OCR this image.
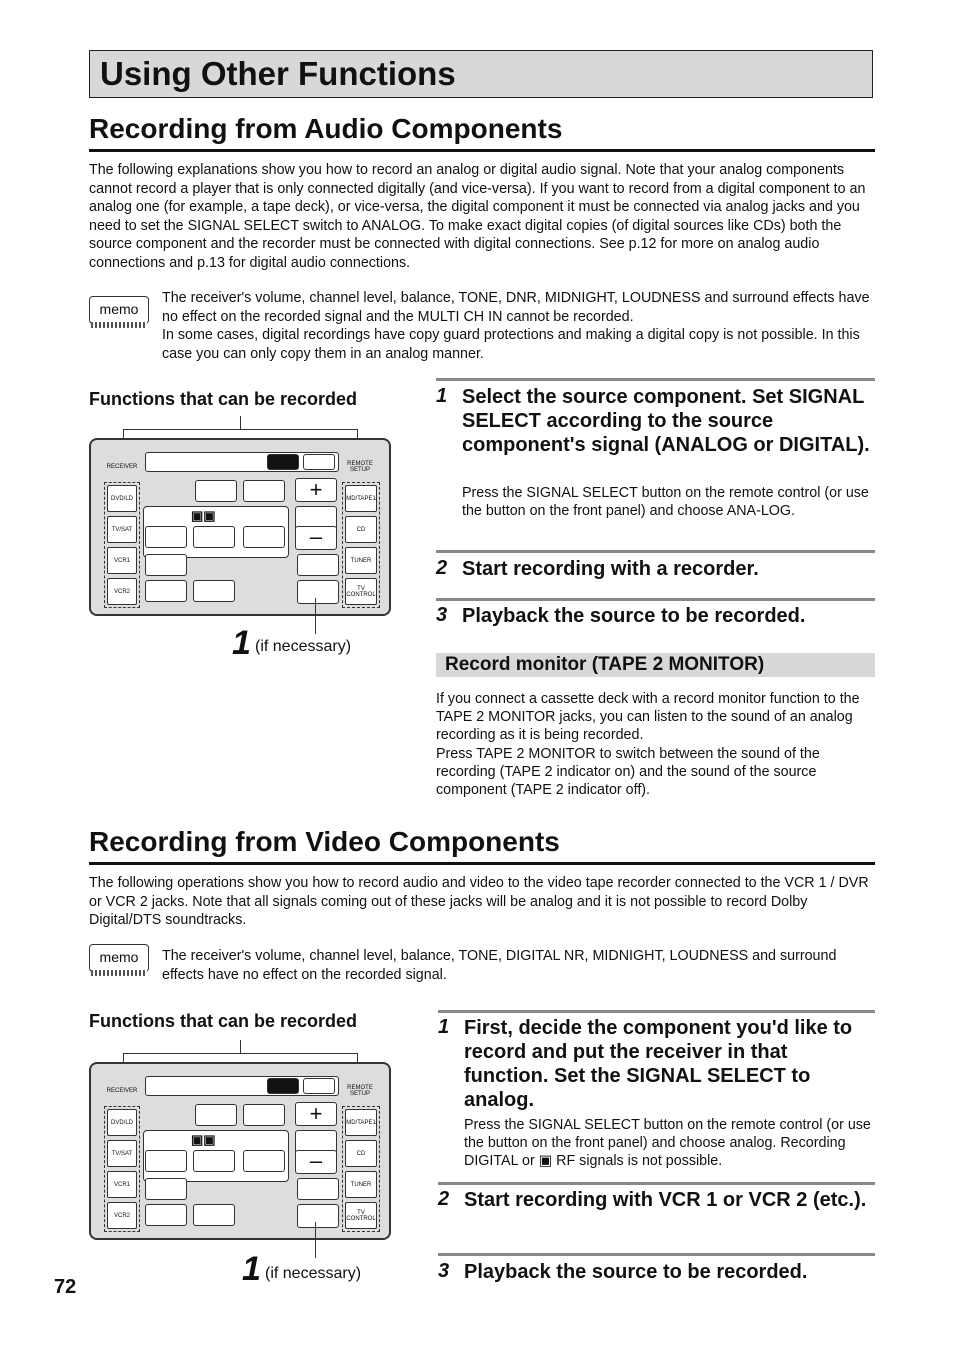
Using Other Functions
Recording from Audio Components
The following explanations show you how to record an analog or digital audio signal. Note that your analog components cannot record a player that is only connected digitally (and vice-versa). If you want to record from a digital component to an analog one (for example, a tape deck), or vice-versa, the digital component it must be connected via analog jacks and you need to set the SIGNAL SELECT switch to ANALOG. To make exact digital copies (of digital sources like CDs) both the source component and the recorder must be connected with digital connections. See p.12 for more on analog audio connections and p.13 for digital audio connections.
memo
The receiver's volume, channel level, balance, TONE, DNR, MIDNIGHT, LOUDNESS and surround effects have no effect on the recorded signal and the MULTI CH IN cannot be recorded.
In some cases, digital recordings have copy guard protections and making a digital copy is not possible. In this case you can only copy them in an analog manner.
Functions that can be recorded
RECEIVER	REMOTE SETUP
DVD/LD
TV/SAT
VCR1
VCR2
MD/TAPE1
CD
TUNER
TV CONTROL
+
▣▣
–
1 (if necessary)
1 Select the source component. Set SIGNAL SELECT according to the source component's signal (ANALOG or DIGITAL).
Press the SIGNAL SELECT button on the remote control (or use the button on the front panel) and choose ANA-LOG.
2 Start recording with a recorder.
3 Playback the source to be recorded.
Record monitor (TAPE 2 MONITOR)
If you connect a cassette deck with a record monitor function to the TAPE 2 MONITOR jacks, you can listen to the sound of an analog recording as it is being recorded.
Press TAPE 2 MONITOR to switch between the sound of the recording (TAPE 2 indicator on) and the sound of the source component (TAPE 2 indicator off).
Recording from Video Components
The following operations show you how to record audio and video to the video tape recorder connected to the VCR 1 / DVR or VCR 2 jacks. Note that all signals coming out of these jacks will be analog and it is not possible to record Dolby Digital/DTS soundtracks.
memo	The receiver's volume, channel level, balance, TONE, DIGITAL NR, MIDNIGHT, LOUDNESS and surround effects have no effect on the recorded signal.
Functions that can be recorded
RECEIVER	REMOTE SETUP
DVD/LD
TV/SAT
VCR1
VCR2
MD/TAPE1
CD
TUNER
TV CONTROL
+
▣▣
–
1 (if necessary)
1 First, decide the component you'd like to record and put the receiver in that function. Set the SIGNAL SELECT to analog.
Press the SIGNAL SELECT button on the remote control (or use the button on the front panel) and choose analog. Recording DIGITAL or ▣ RF signals is not possible.
2 Start recording with VCR 1 or VCR 2 (etc.).
3 Playback the source to be recorded.
72
